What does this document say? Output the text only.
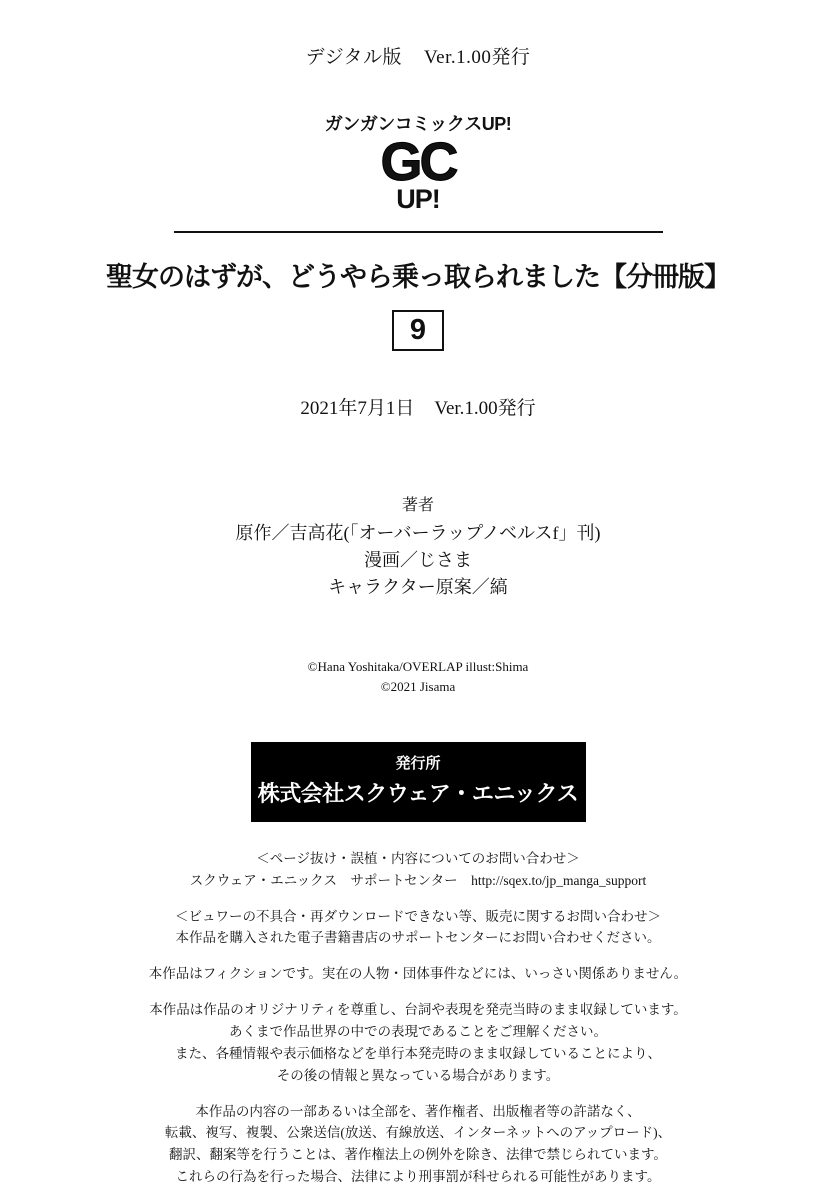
デジタル版 Ver.1.00発行
ガンガンコミックスUP!
GC
UP!
聖女のはずが、どうやら乗っ取られました【分冊版】
9
2021年7月1日 Ver.1.00発行
著者
原作／吉高花(「オーバーラップノベルスf」刊)
漫画／じさま
キャラクター原案／縞
©Hana Yoshitaka/OVERLAP illust:Shima
©2021 Jisama
発行所
株式会社スクウェア・エニックス
＜ページ抜け・誤植・内容についてのお問い合わせ＞
スクウェア・エニックス　サポートセンター　http://sqex.to/jp_manga_support
＜ビュワーの不具合・再ダウンロードできない等、販売に関するお問い合わせ＞
本作品を購入された電子書籍書店のサポートセンターにお問い合わせください。
本作品はフィクションです。実在の人物・団体事件などには、いっさい関係ありません。
本作品は作品のオリジナリティを尊重し、台詞や表現を発売当時のまま収録しています。
あくまで作品世界の中での表現であることをご理解ください。
また、各種情報や表示価格などを単行本発売時のまま収録していることにより、
その後の情報と異なっている場合があります。
本作品の内容の一部あるいは全部を、著作権者、出版権者等の許諾なく、
転載、複写、複製、公衆送信(放送、有線放送、インターネットへのアップロード)、
翻訳、翻案等を行うことは、著作権法上の例外を除き、法律で禁じられています。
これらの行為を行った場合、法律により刑事罰が科せられる可能性があります。
